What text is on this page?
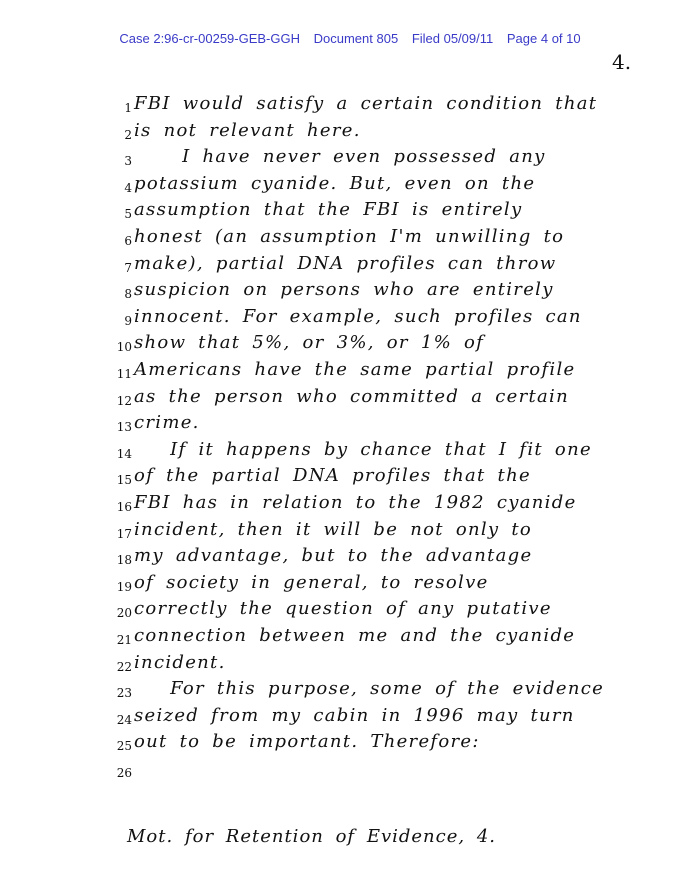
Case 2:96-cr-00259-GEB-GGH Document 805 Filed 05/09/11 Page 4 of 10
4.
1 FBI would satisfy a certain condition that
2 is not relevant here.
3 I have never even possessed any
4 potassium cyanide. But, even on the
5 assumption that the FBI is entirely
6 honest (an assumption I'm unwilling to
7 make), partial DNA profiles can throw
8 suspicion on persons who are entirely
9 innocent. For example, such profiles can
10 show that 5%, or 3%, or 1% of
11 Americans have the same partial profile
12 as the person who committed a certain
13 crime.
14 If it happens by chance that I fit one
15 of the partial DNA profiles that the
16 FBI has in relation to the 1982 cyanide
17 incident, then it will be not only to
18 my advantage, but to the advantage
19 of society in general, to resolve
20 correctly the question of any putative
21 connection between me and the cyanide
22 incident.
23 For this purpose, some of the evidence
24 seized from my cabin in 1996 may turn
25 out to be important. Therefore:
26
Mot. for Retention of Evidence, 4.
